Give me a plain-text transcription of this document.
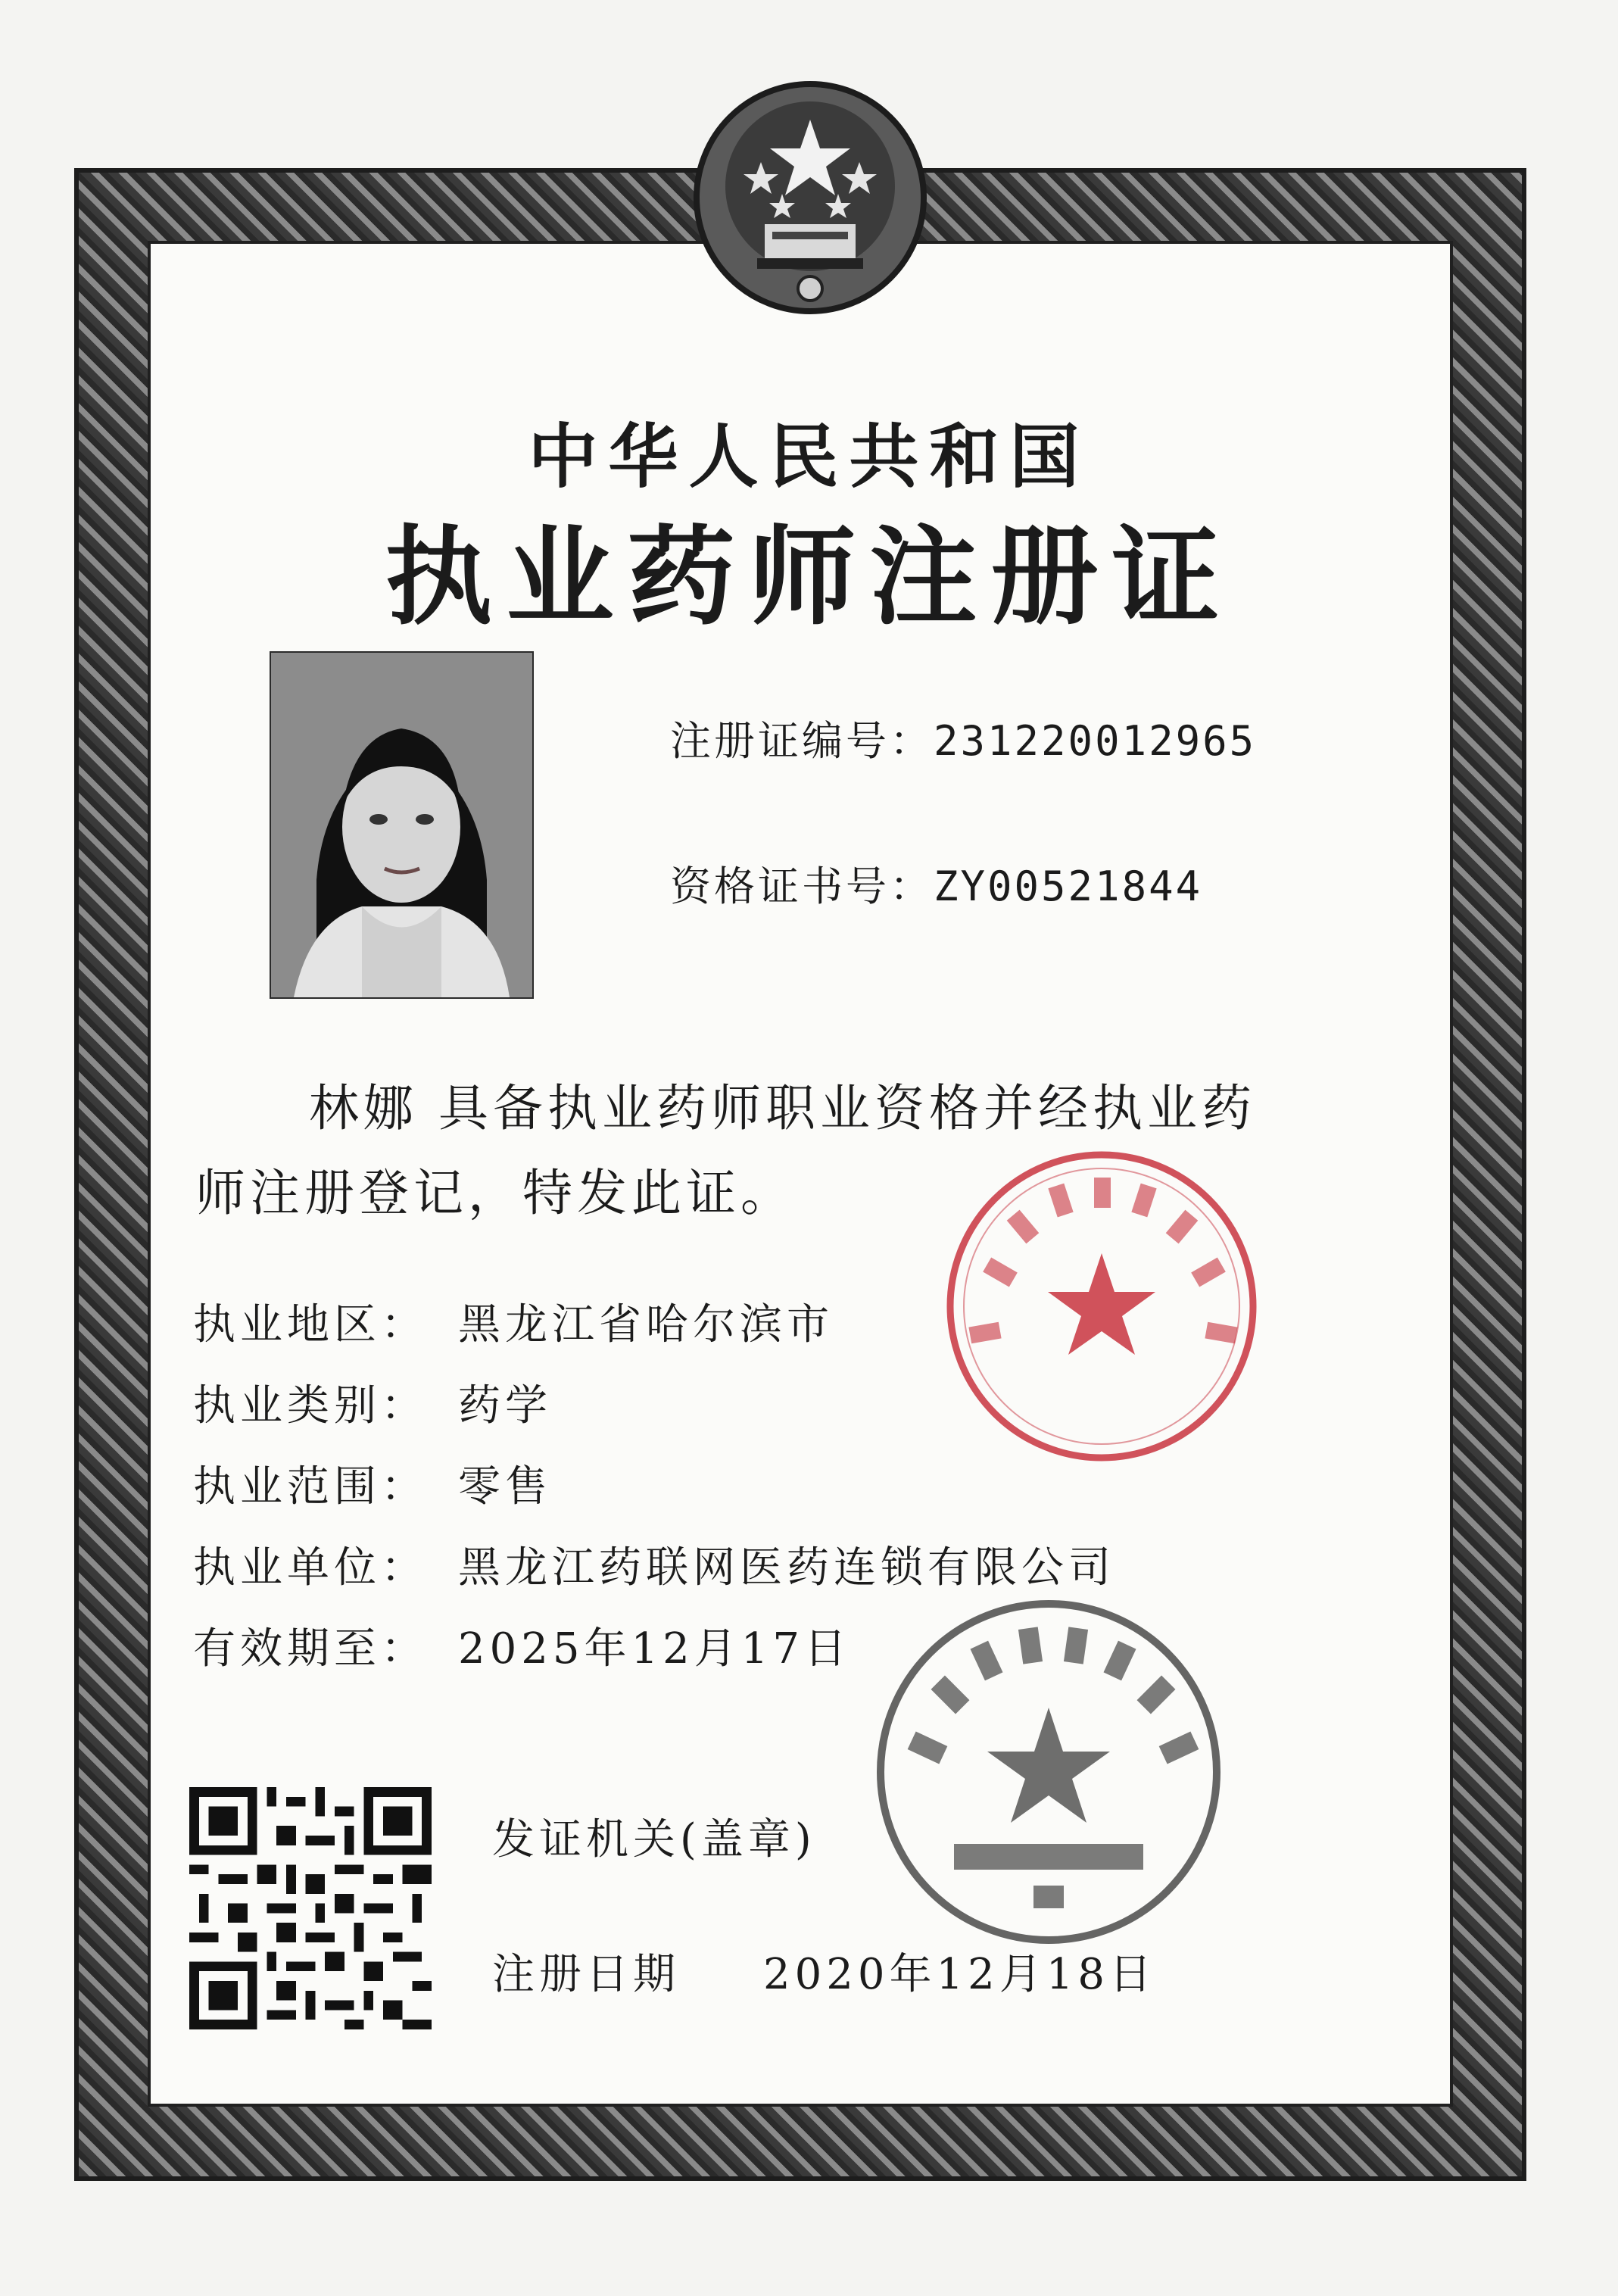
中华人民共和国
执业药师注册证
注册证编号：231220012965
资格证书号：ZY00521844
林娜 具备执业药师职业资格并经执业药
师注册登记，特发此证。
执业地区： 黑龙江省哈尔滨市
执业类别： 药学
执业范围： 零售
执业单位： 黑龙江药联网医药连锁有限公司
有效期至： 2025年12月17日
发证机关(盖章)
注册日期 2020年12月18日
